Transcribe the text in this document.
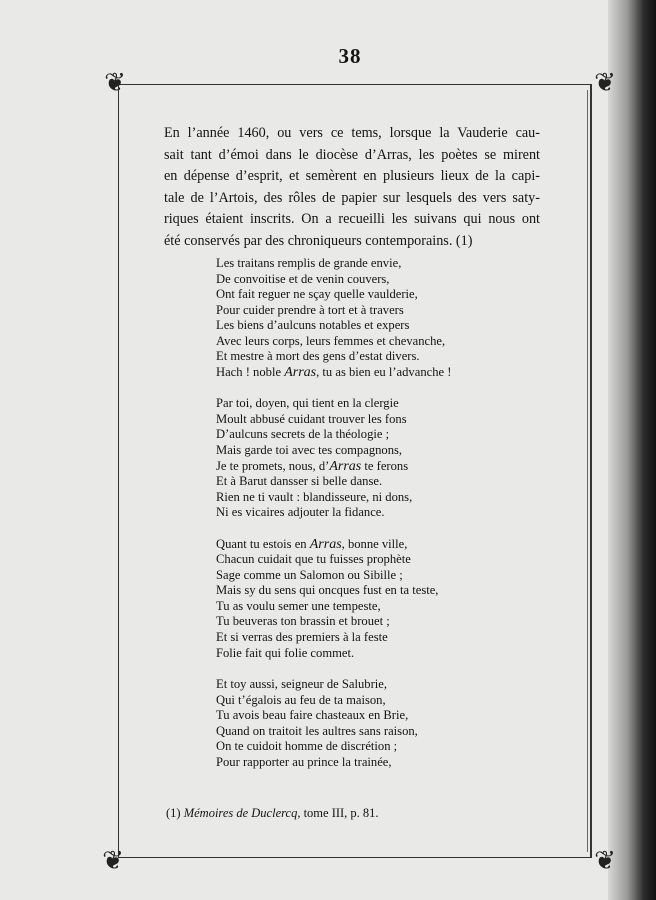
38
❦	❦
❦	❦
En l’année 1460, ou vers ce tems, lorsque la Vauderie cau-
sait tant d’émoi dans le diocèse d’Arras, les poètes se mirent
en dépense d’esprit, et semèrent en plusieurs lieux de la capi-
tale de l’Artois, des rôles de papier sur lesquels des vers saty-
riques étaient inscrits. On a recueilli les suivans qui nous ont
été conservés par des chroniqueurs contemporains. (1)
Les traitans remplis de grande envie,
De convoitise et de venin couvers,
Ont fait reguer ne sçay quelle vaulderie,
Pour cuider prendre à tort et à travers
Les biens d’aulcuns notables et expers
Avec leurs corps, leurs femmes et chevanche,
Et mestre à mort des gens d’estat divers.
Hach ! noble Arras, tu as bien eu l’advanche !
Par toi, doyen, qui tient en la clergie
Moult abbusé cuidant trouver les fons
D’aulcuns secrets de la théologie ;
Mais garde toi avec tes compagnons,
Je te promets, nous, d’Arras te ferons
Et à Barut dansser si belle danse.
Rien ne ti vault : blandisseure, ni dons,
Ni es vicaires adjouter la fidance.
Quant tu estois en Arras, bonne ville,
Chacun cuidait que tu fuisses prophète
Sage comme un Salomon ou Sibille ;
Mais sy du sens qui oncques fust en ta teste,
Tu as voulu semer une tempeste,
Tu beuveras ton brassin et brouet ;
Et si verras des premiers à la feste
Folie fait qui folie commet.
Et toy aussi, seigneur de Salubrie,
Qui t’égalois au feu de ta maison,
Tu avois beau faire chasteaux en Brie,
Quand on traitoit les aultres sans raison,
On te cuidoit homme de discrétion ;
Pour rapporter au prince la trainée,
(1) Mémoires de Duclercq, tome III, p. 81.
